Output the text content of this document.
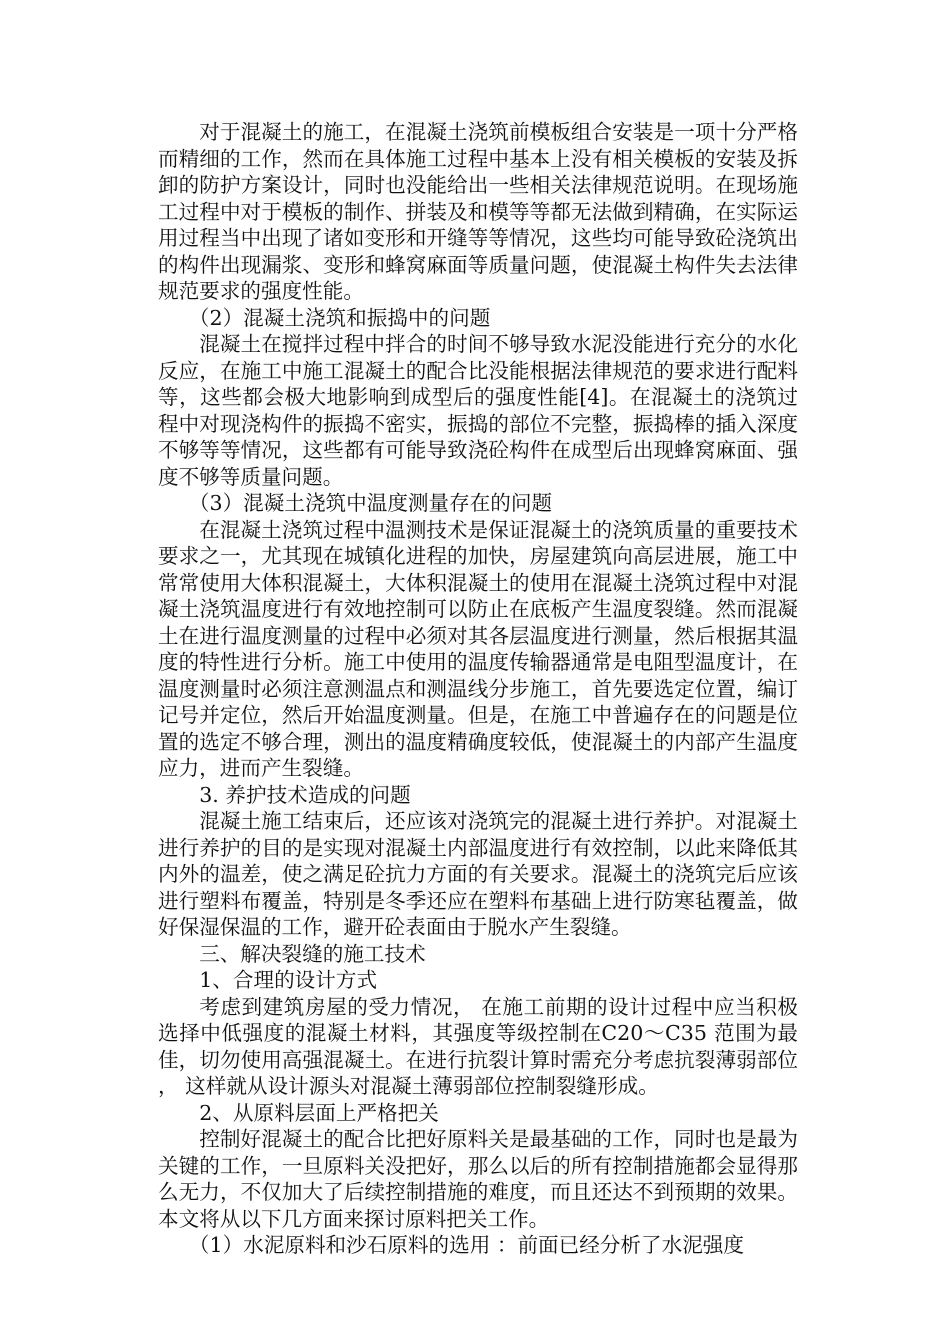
对于混凝土的施工，在混凝土浇筑前模板组合安装是一项十分严格而精细的工作，然而在具体施工过程中基本上没有相关模板的安装及拆卸的防护方案设计，同时也没能给出一些相关法律规范说明。在现场施工过程中对于模板的制作、拼装及和模等等都无法做到精确，在实际运用过程当中出现了诸如变形和开缝等等情况，这些均可能导致砼浇筑出的构件出现漏浆、变形和蜂窝麻面等质量问题，使混凝土构件失去法律规范要求的强度性能。

（2）混凝土浇筑和振捣中的问题

混凝土在搅拌过程中拌合的时间不够导致水泥没能进行充分的水化反应，在施工中施工混凝土的配合比没能根据法律规范的要求进行配料等，这些都会极大地影响到成型后的强度性能[4]。在混凝土的浇筑过程中对现浇构件的振捣不密实，振捣的部位不完整，振捣棒的插入深度不够等等情况，这些都有可能导致浇砼构件在成型后出现蜂窝麻面、强度不够等质量问题。

（3）混凝土浇筑中温度测量存在的问题

在混凝土浇筑过程中温测技术是保证混凝土的浇筑质量的重要技术要求之一，尤其现在城镇化进程的加快，房屋建筑向高层进展，施工中常常使用大体积混凝土，大体积混凝土的使用在混凝土浇筑过程中对混凝土浇筑温度进行有效地控制可以防止在底板产生温度裂缝。然而混凝土在进行温度测量的过程中必须对其各层温度进行测量，然后根据其温度的特性进行分析。施工中使用的温度传输器通常是电阻型温度计，在温度测量时必须注意测温点和测温线分步施工，首先要选定位置，编订记号并定位，然后开始温度测量。但是，在施工中普遍存在的问题是位置的选定不够合理，测出的温度精确度较低，使混凝土的内部产生温度应力，进而产生裂缝。

3. 养护技术造成的问题

混凝土施工结束后，还应该对浇筑完的混凝土进行养护。对混凝土进行养护的目的是实现对混凝土内部温度进行有效控制，以此来降低其内外的温差，使之满足砼抗力方面的有关要求。混凝土的浇筑完后应该进行塑料布覆盖，特别是冬季还应在塑料布基础上进行防寒毡覆盖，做好保湿保温的工作，避开砼表面由于脱水产生裂缝。

三、解决裂缝的施工技术

1、合理的设计方式

考虑到建筑房屋的受力情况， 在施工前期的设计过程中应当积极选择中低强度的混凝土材料，其强度等级控制在C20～C35 范围为最佳，切勿使用高强混凝土。在进行抗裂计算时需充分考虑抗裂薄弱部位， 这样就从设计源头对混凝土薄弱部位控制裂缝形成。

2、从原料层面上严格把关

控制好混凝土的配合比把好原料关是最基础的工作，同时也是最为关键的工作，一旦原料关没把好，那么以后的所有控制措施都会显得那么无力，不仅加大了后续控制措施的难度，而且还达不到预期的效果。本文将从以下几方面来探讨原料把关工作。

（1）水泥原料和沙石原料的选用 ：前面已经分析了水泥强度
